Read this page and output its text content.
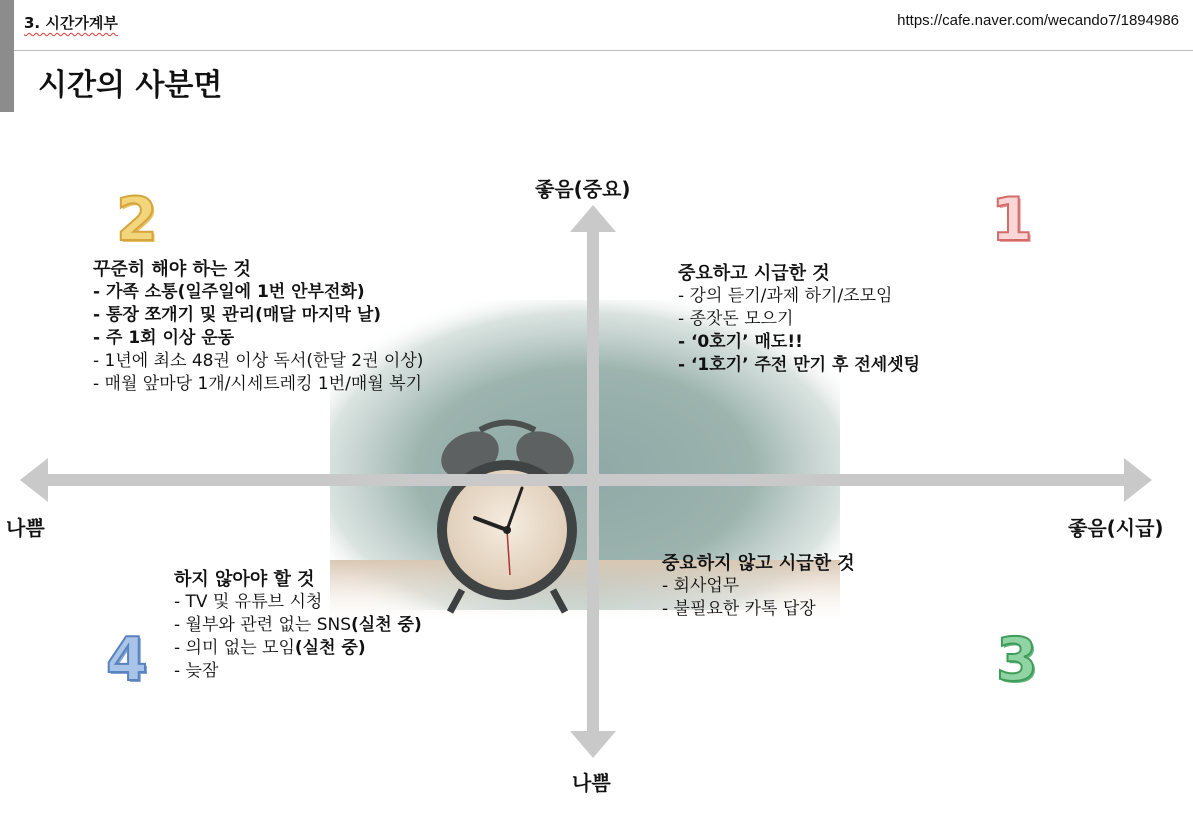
3. 시간가계부	https://cafe.naver.com/wecando7/1894986
시간의 사분면
좋음(중요)
나쁨
나쁨	좋음(시급)
2	1
4	3
꾸준히 해야 하는 것
- 가족 소통(일주일에 1번 안부전화)
- 통장 쪼개기 및 관리(매달 마지막 날)
- 주 1회 이상 운동
- 1년에 최소 48권 이상 독서(한달 2권 이상)
- 매월 앞마당 1개/시세트레킹 1번/매월 복기
중요하고 시급한 것
- 강의 듣기/과제 하기/조모임
- 종잣돈 모으기
- ‘0호기’ 매도!!
- ‘1호기’ 주전 만기 후 전세셋팅
하지 않아야 할 것
- TV 및 유튜브 시청
- 월부와 관련 없는 SNS(실천 중)
- 의미 없는 모임(실천 중)
- 늦잠
중요하지 않고 시급한 것
- 회사업무
- 불필요한 카톡 답장
